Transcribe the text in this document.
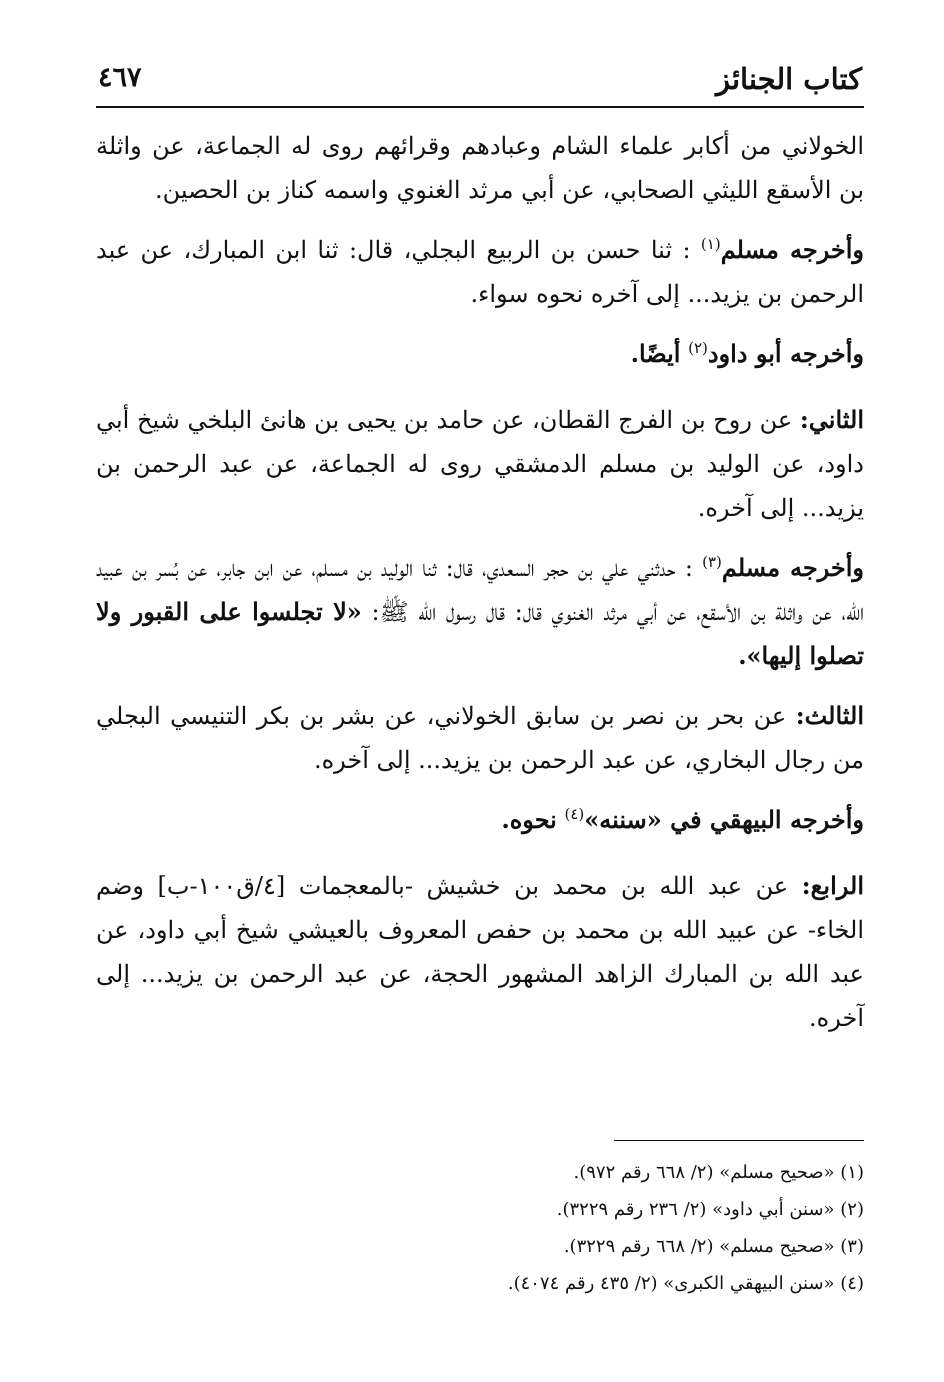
كتاب الجنائز
٤٦٧

الخولاني من أكابر علماء الشام وعبادهم وقرائهم روى له الجماعة، عن واثلة بن الأسقع الليثي الصحابي، عن أبي مرثد الغنوي واسمه كناز بن الحصين.

وأخرجه مسلم$^{(١)}$ : ثنا حسن بن الربيع البجلي، قال: ثنا ابن المبارك، عن عبد الرحمن بن يزيد... إلى آخره نحوه سواء.

وأخرجه أبو داود$^{(٢)}$ أيضًا.

الثاني: عن روح بن الفرج القطان، عن حامد بن يحيى بن هانئ البلخي شيخ أبي داود، عن الوليد بن مسلم الدمشقي روى له الجماعة، عن عبد الرحمن بن يزيد... إلى آخره.

وأخرجه مسلم$^{(٣)}$ : حدثني علي بن حجر السعدي، قال: ثنا الوليد بن مسلم، عن ابن جابر، عن بُسر بن عبيد الله، عن واثلة بن الأسقع، عن أبي مرثد الغنوي قال: قال رسول الله ﷺ: «لا تجلسوا على القبور ولا تصلوا إليها».

الثالث: عن بحر بن نصر بن سابق الخولاني، عن بشر بن بكر التنيسي البجلي من رجال البخاري، عن عبد الرحمن بن يزيد... إلى آخره.

وأخرجه البيهقي في «سننه»$^{(٤)}$ نحوه.

الرابع: عن عبد الله بن محمد بن خشيش -بالمعجمات [٤/ق١٠٠-ب] وضم الخاء- عن عبيد الله بن محمد بن حفص المعروف بالعيشي شيخ أبي داود، عن عبد الله بن المبارك الزاهد المشهور الحجة، عن عبد الرحمن بن يزيد... إلى آخره.

(١) «صحيح مسلم» (٢/ ٦٦٨ رقم ٩٧٢).

(٢) «سنن أبي داود» (٢/ ٢٣٦ رقم ٣٢٢٩).

(٣) «صحيح مسلم» (٢/ ٦٦٨ رقم ٣٢٢٩).

(٤) «سنن البيهقي الكبرى» (٢/ ٤٣٥ رقم ٤٠٧٤).
